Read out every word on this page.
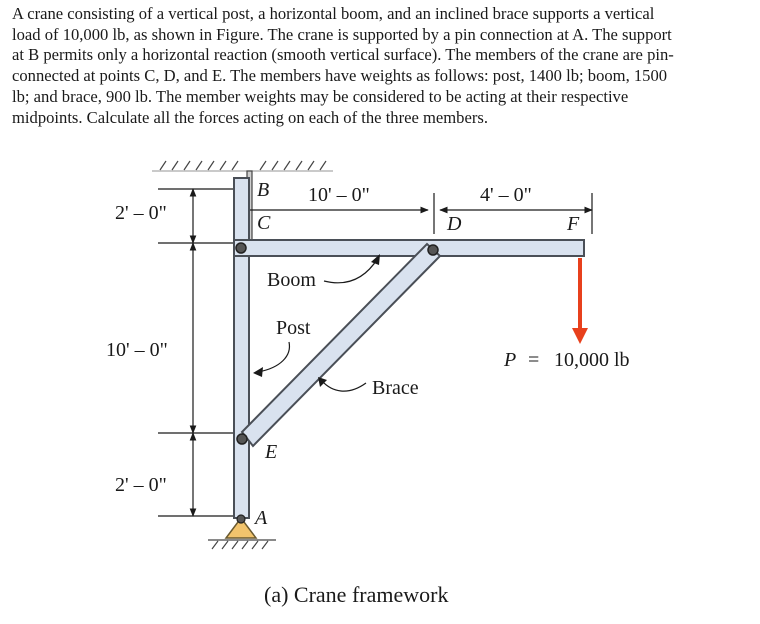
A crane consisting of a vertical post, a horizontal boom, and an inclined brace supports a vertical
load of 10,000 lb, as shown in Figure. The crane is supported by a pin connection at A. The support
at B permits only a horizontal reaction (smooth vertical surface). The members of the crane are pin-
connected at points C, D, and E. The members have weights as follows: post, 1400 lb; boom, 1500
lb; and brace, 900 lb. The member weights may be considered to be acting at their respective
midpoints. Calculate all the forces acting on each of the three members.
B
C	D	F
E
A
2' – 0"
10' – 0"
2' – 0"
10' – 0"	4' – 0"
Boom
Post
Brace
P = 10,000 lb
(a) Crane framework
